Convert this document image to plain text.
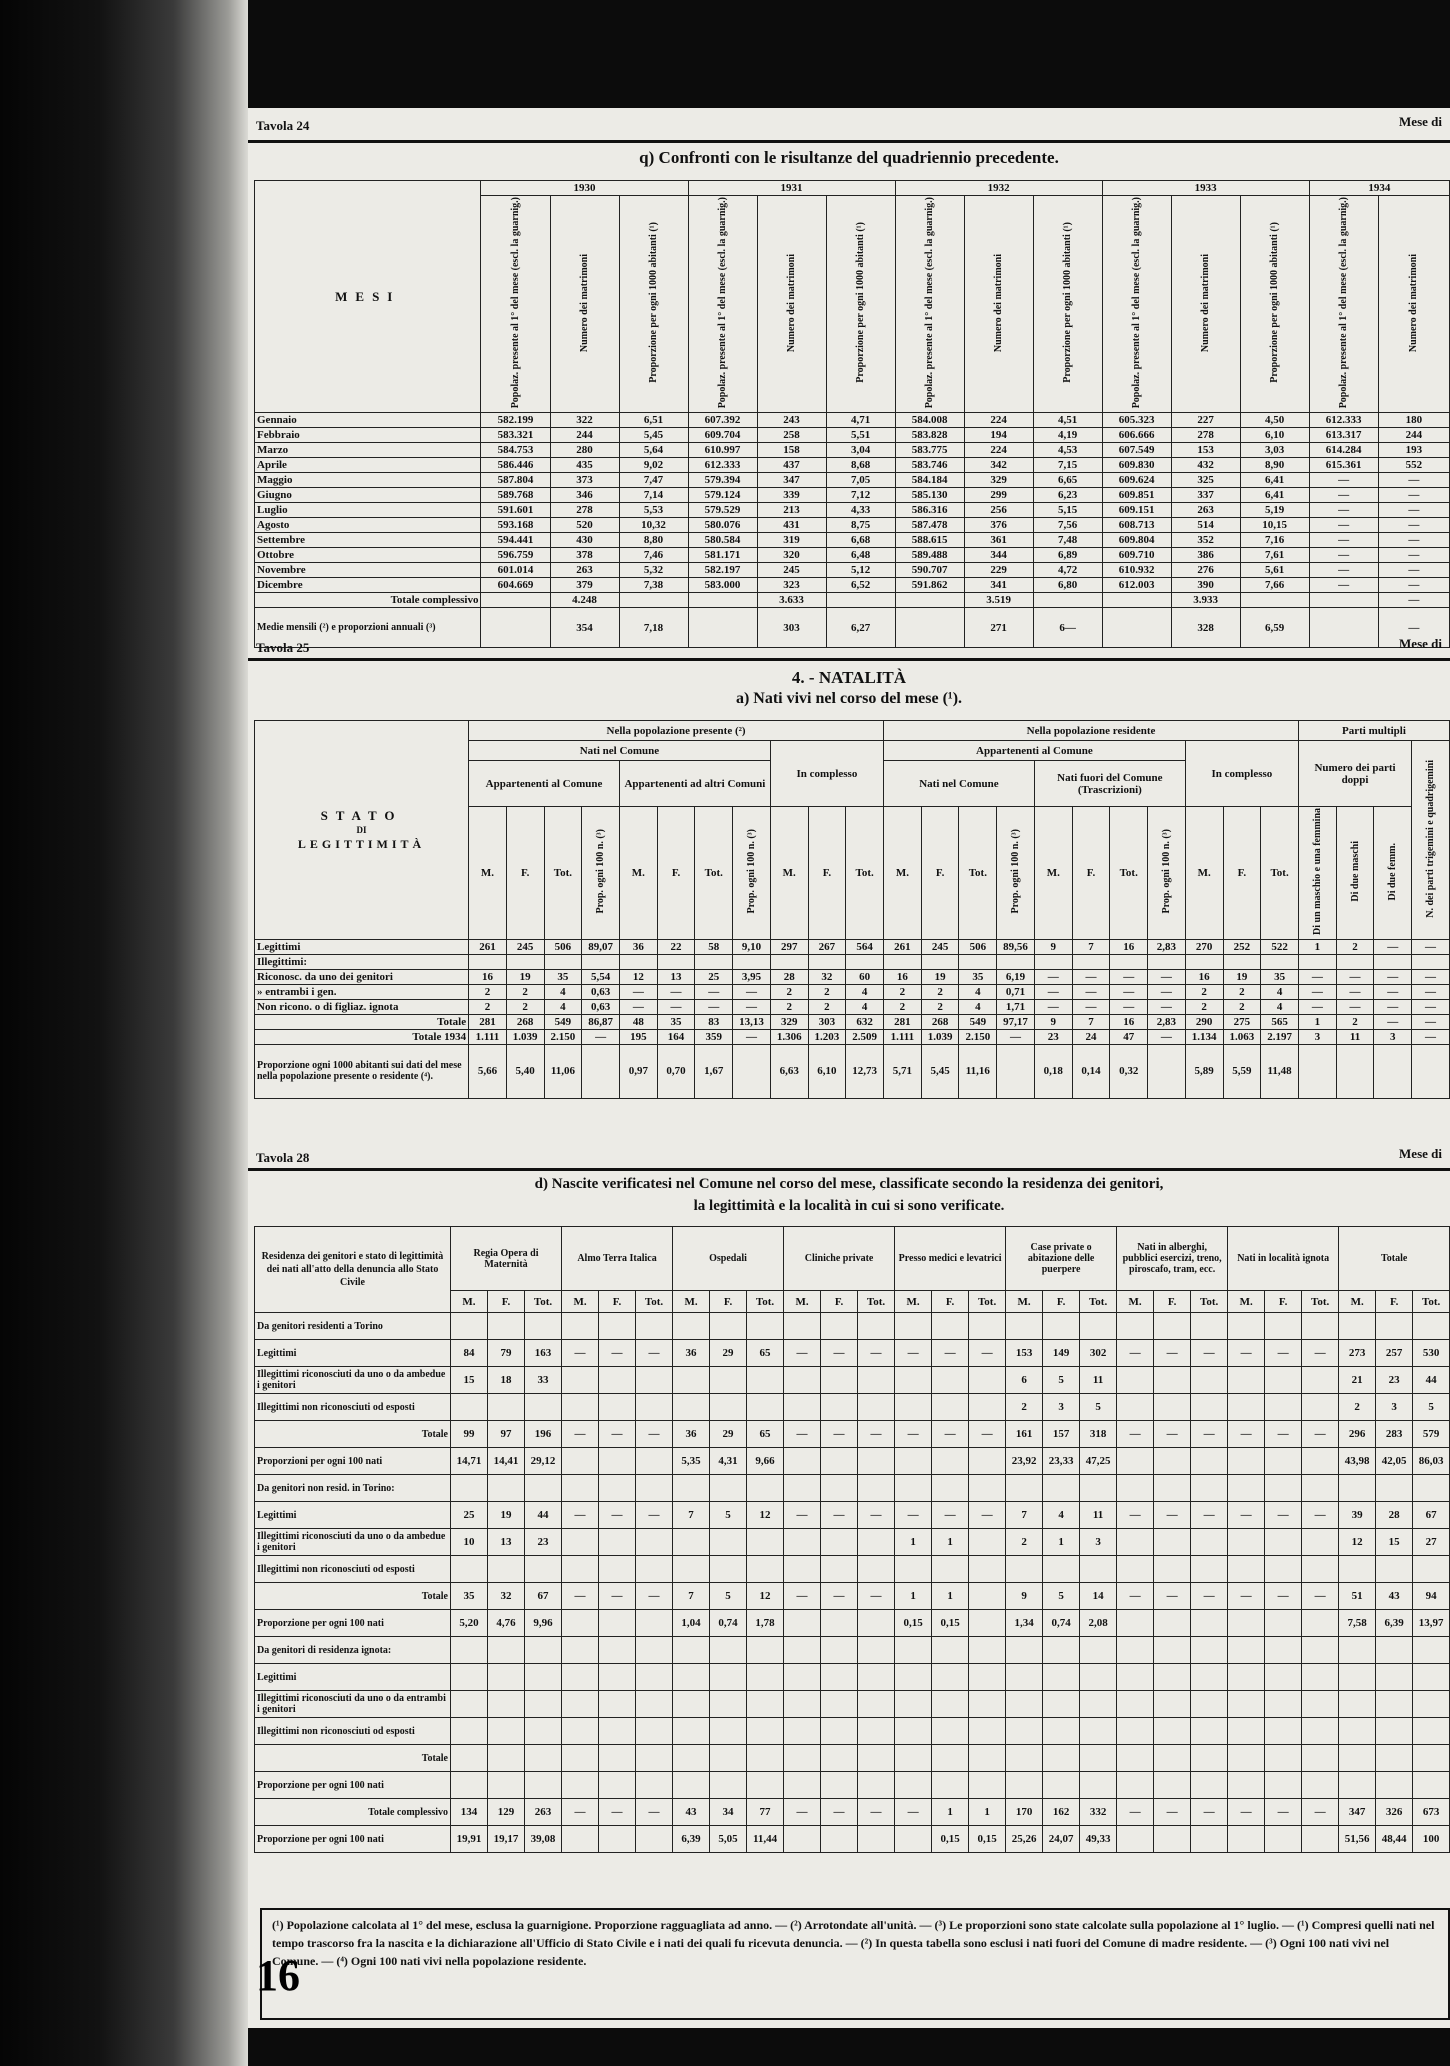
Tavola 24	Mese di
q) Confronti con le risultanze del quadriennio precedente.
MESI	1930			1931			1932			1933			1934	
	Popolaz. presente al 1° del mese (escl. la guarnig.)	Numero dei matrimoni	Proporzione per ogni 1000 abitanti (¹)	Popolaz. presente al 1° del mese (escl. la guarnig.)	Numero dei matrimoni	Proporzione per ogni 1000 abitanti (¹)	Popolaz. presente al 1° del mese (escl. la guarnig.)	Numero dei matrimoni	Proporzione per ogni 1000 abitanti (¹)	Popolaz. presente al 1° del mese (escl. la guarnig.)	Numero dei matrimoni	Proporzione per ogni 1000 abitanti (¹)	Popolaz. presente al 1° del mese (escl. la guarnig.)	Numero dei matrimoni
Gennaio	582.199	322	6,51	607.392	243	4,71	584.008	224	4,51	605.323	227	4,50	612.333	180
Febbraio	583.321	244	5,45	609.704	258	5,51	583.828	194	4,19	606.666	278	6,10	613.317	244
Marzo	584.753	280	5,64	610.997	158	3,04	583.775	224	4,53	607.549	153	3,03	614.284	193
Aprile	586.446	435	9,02	612.333	437	8,68	583.746	342	7,15	609.830	432	8,90	615.361	552
Maggio	587.804	373	7,47	579.394	347	7,05	584.184	329	6,65	609.624	325	6,41	—	—
Giugno	589.768	346	7,14	579.124	339	7,12	585.130	299	6,23	609.851	337	6,41	—	—
Luglio	591.601	278	5,53	579.529	213	4,33	586.316	256	5,15	609.151	263	5,19	—	—
Agosto	593.168	520	10,32	580.076	431	8,75	587.478	376	7,56	608.713	514	10,15	—	—
Settembre	594.441	430	8,80	580.584	319	6,68	588.615	361	7,48	609.804	352	7,16	—	—
Ottobre	596.759	378	7,46	581.171	320	6,48	589.488	344	6,89	609.710	386	7,61	—	—
Novembre	601.014	263	5,32	582.197	245	5,12	590.707	229	4,72	610.932	276	5,61	—	—
Dicembre	604.669	379	7,38	583.000	323	6,52	591.862	341	6,80	612.003	390	7,66	—	—
Totale complessivo		4.248			3.633			3.519			3.933			—
Medie mensili (²) e proporzioni annuali (³)		354	7,18		303	6,27		271	6—		328	6,59		—
Tavola 25	Mese di
4. - NATALITÀ
a) Nati vivi nel corso del mese (¹).
STATO
DI
LEGITTIMITÀ	Nella popolazione presente (²)											Nella popolazione residente											Parti multipli			
	Nati nel Comune								In complesso			Appartenenti al Comune								In complesso			Numero dei parti doppi			N. dei parti trigemini e quadrigemini
	Appartenenti al Comune				Appartenenti ad altri Comuni							Nati nel Comune				Nati fuori del Comune (Trascrizioni)										
	M.	F.	Tot.	Prop. ogni 100 n. (³)	M.	F.	Tot.	Prop. ogni 100 n. (³)	M.	F.	Tot.	M.	F.	Tot.	Prop. ogni 100 n. (³)	M.	F.	Tot.	Prop. ogni 100 n. (³)	M.	F.	Tot.	Di un maschio e una femmina	Di due maschi	Di due femm.	
Legittimi	261	245	506	89,07	36	22	58	9,10	297	267	564	261	245	506	89,56	9	7	16	2,83	270	252	522	1	2	—	—
Illegittimi:																										
Riconosc. da uno dei genitori	16	19	35	5,54	12	13	25	3,95	28	32	60	16	19	35	6,19	—	—	—	—	16	19	35	—	—	—	—
» entrambi i gen.	2	2	4	0,63	—	—	—	—	2	2	4	2	2	4	0,71	—	—	—	—	2	2	4	—	—	—	—
Non ricono. o di figliaz. ignota	2	2	4	0,63	—	—	—	—	2	2	4	2	2	4	1,71	—	—	—	—	2	2	4	—	—	—	—
Totale	281	268	549	86,87	48	35	83	13,13	329	303	632	281	268	549	97,17	9	7	16	2,83	290	275	565	1	2	—	—
Totale 1934	1.111	1.039	2.150	—	195	164	359	—	1.306	1.203	2.509	1.111	1.039	2.150	—	23	24	47	—	1.134	1.063	2.197	3	11	3	—
Proporzione ogni 1000 abitanti sui dati del mese nella popolazione presente o residente (⁴).	5,66	5,40	11,06		0,97	0,70	1,67		6,63	6,10	12,73	5,71	5,45	11,16		0,18	0,14	0,32		5,89	5,59	11,48				
Tavola 28	Mese di
d) Nascite verificatesi nel Comune nel corso del mese, classificate secondo la residenza dei genitori,
la legittimità e la località in cui si sono verificate.
Residenza dei genitori e stato di legittimità dei nati all'atto della denuncia allo Stato Civile	Regia Opera di Maternità			Almo Terra Italica			Ospedali			Cliniche private			Presso medici e levatrici			Case private o abitazione delle puerpere			Nati in alberghi, pubblici esercizi, treno, piroscafo, tram, ecc.			Nati in località ignota			Totale		
	M.	F.	Tot.	M.	F.	Tot.	M.	F.	Tot.	M.	F.	Tot.	M.	F.	Tot.	M.	F.	Tot.	M.	F.	Tot.	M.	F.	Tot.	M.	F.	Tot.
Da genitori residenti a Torino																											
Legittimi	84	79	163	—	—	—	36	29	65	—	—	—	—	—	—	153	149	302	—	—	—	—	—	—	273	257	530
Illegittimi riconosciuti da uno o da ambedue i genitori	15	18	33													6	5	11							21	23	44
Illegittimi non riconosciuti od esposti																2	3	5							2	3	5
Totale	99	97	196	—	—	—	36	29	65	—	—	—	—	—	—	161	157	318	—	—	—	—	—	—	296	283	579
Proporzioni per ogni 100 nati	14,71	14,41	29,12				5,35	4,31	9,66							23,92	23,33	47,25							43,98	42,05	86,03
Da genitori non resid. in Torino:																											
Legittimi	25	19	44	—	—	—	7	5	12	—	—	—	—	—	—	7	4	11	—	—	—	—	—	—	39	28	67
Illegittimi riconosciuti da uno o da ambedue i genitori	10	13	23										1	1		2	1	3							12	15	27
Illegittimi non riconosciuti od esposti																											
Totale	35	32	67	—	—	—	7	5	12	—	—	—	1	1		9	5	14	—	—	—	—	—	—	51	43	94
Proporzione per ogni 100 nati	5,20	4,76	9,96				1,04	0,74	1,78				0,15	0,15		1,34	0,74	2,08							7,58	6,39	13,97
Da genitori di residenza ignota:																											
Legittimi																											
Illegittimi riconosciuti da uno o da entrambi i genitori																											
Illegittimi non riconosciuti od esposti																											
Totale																											
Proporzione per ogni 100 nati																											
Totale complessivo	134	129	263	—	—	—	43	34	77	—	—	—	—	1	1	170	162	332	—	—	—	—	—	—	347	326	673
Proporzione per ogni 100 nati	19,91	19,17	39,08				6,39	5,05	11,44					0,15	0,15	25,26	24,07	49,33							51,56	48,44	100
(¹) Popolazione calcolata al 1° del mese, esclusa la guarnigione. Proporzione ragguagliata ad anno. — (²) Arrotondate all'unità. — (³) Le proporzioni sono state calcolate sulla popolazione al 1° luglio. — (¹) Compresi quelli nati nel tempo trascorso fra la nascita e la dichiarazione all'Ufficio di Stato Civile e i nati dei quali fu ricevuta denuncia. — (²) In questa tabella sono esclusi i nati fuori del Comune di madre residente. — (³) Ogni 100 nati vivi nel Comune. — (⁴) Ogni 100 nati vivi nella popolazione residente.
16
